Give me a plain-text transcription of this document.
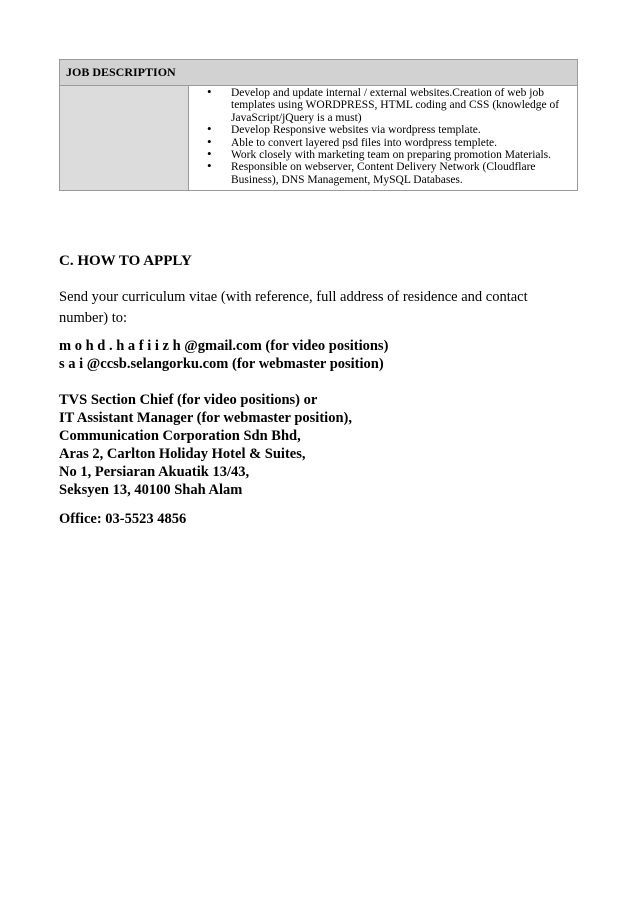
JOB DESCRIPTION

• Develop and update internal / external websites.Creation of web job templates using WORDPRESS, HTML coding and CSS (knowledge of JavaScript/jQuery is a must)
• Develop Responsive websites via wordpress template.
• Able to convert layered psd files into wordpress templete.
• Work closely with marketing team on preparing promotion Materials.
• Responsible on webserver, Content Delivery Network (Cloudflare Business), DNS Management, MySQL Databases.
C. HOW TO APPLY
Send your curriculum vitae (with reference, full address of residence and contact number) to:
m o h d . h a f i i z h @gmail.com (for video positions)
s a i @ccsb.selangorku.com (for webmaster position)
TVS Section Chief (for video positions) or
IT Assistant Manager (for webmaster position),
Communication Corporation Sdn Bhd,
Aras 2, Carlton Holiday Hotel & Suites,
No 1, Persiaran Akuatik 13/43,
Seksyen 13, 40100 Shah Alam
Office: 03-5523 4856
